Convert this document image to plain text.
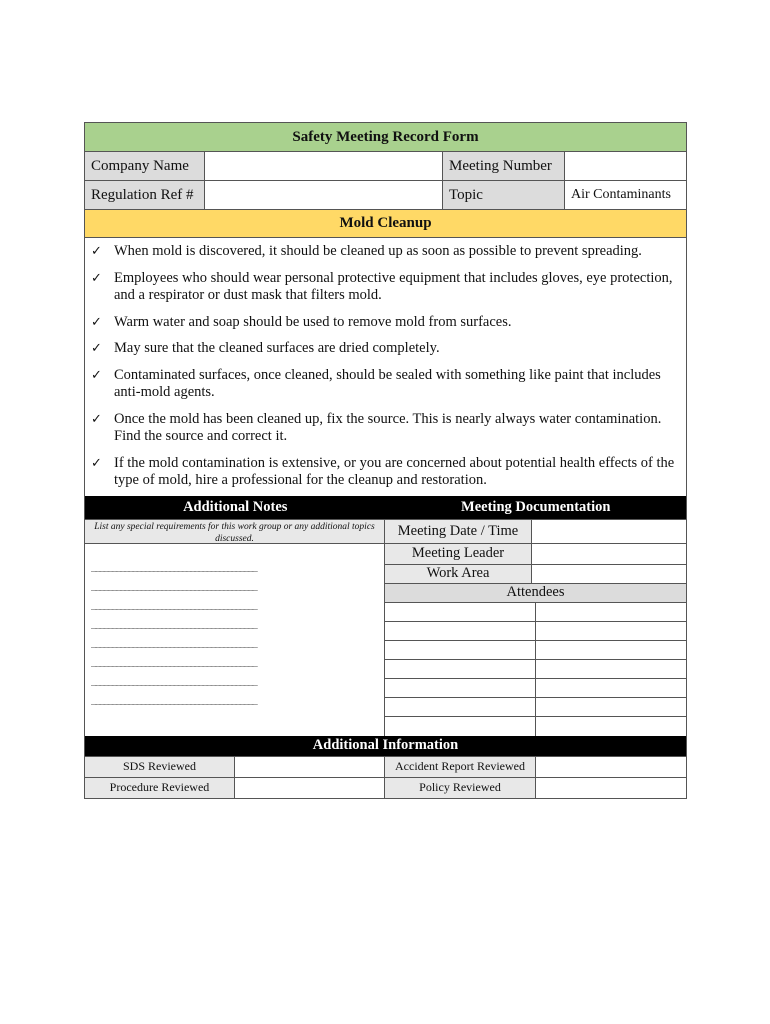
Safety Meeting Record Form
Company Name	Meeting Number
Regulation Ref #	Topic	Air Contaminants
Mold Cleanup
✓ When mold is discovered, it should be cleaned up as soon as possible to prevent spreading.
✓ Employees who should wear personal protective equipment that includes gloves, eye protection, and a respirator or dust mask that filters mold.
✓ Warm water and soap should be used to remove mold from surfaces.
✓ May sure that the cleaned surfaces are dried completely.
✓ Contaminated surfaces, once cleaned, should be sealed with something like paint that includes anti-mold agents.
✓ Once the mold has been cleaned up, fix the source. This is nearly always water contamination. Find the source and correct it.
✓ If the mold contamination is extensive, or you are concerned about potential health effects of the type of mold, hire a professional for the cleanup and restoration.
Additional Notes	Meeting Documentation
List any special requirements for this work group or any additional topics discussed.
________________________________________
________________________________________
________________________________________
________________________________________
________________________________________
________________________________________
________________________________________
________________________________________
Meeting Date / Time
Meeting Leader
Work Area
Attendees
Additional Information
SDS Reviewed	Accident Report Reviewed
Procedure Reviewed	Policy Reviewed
